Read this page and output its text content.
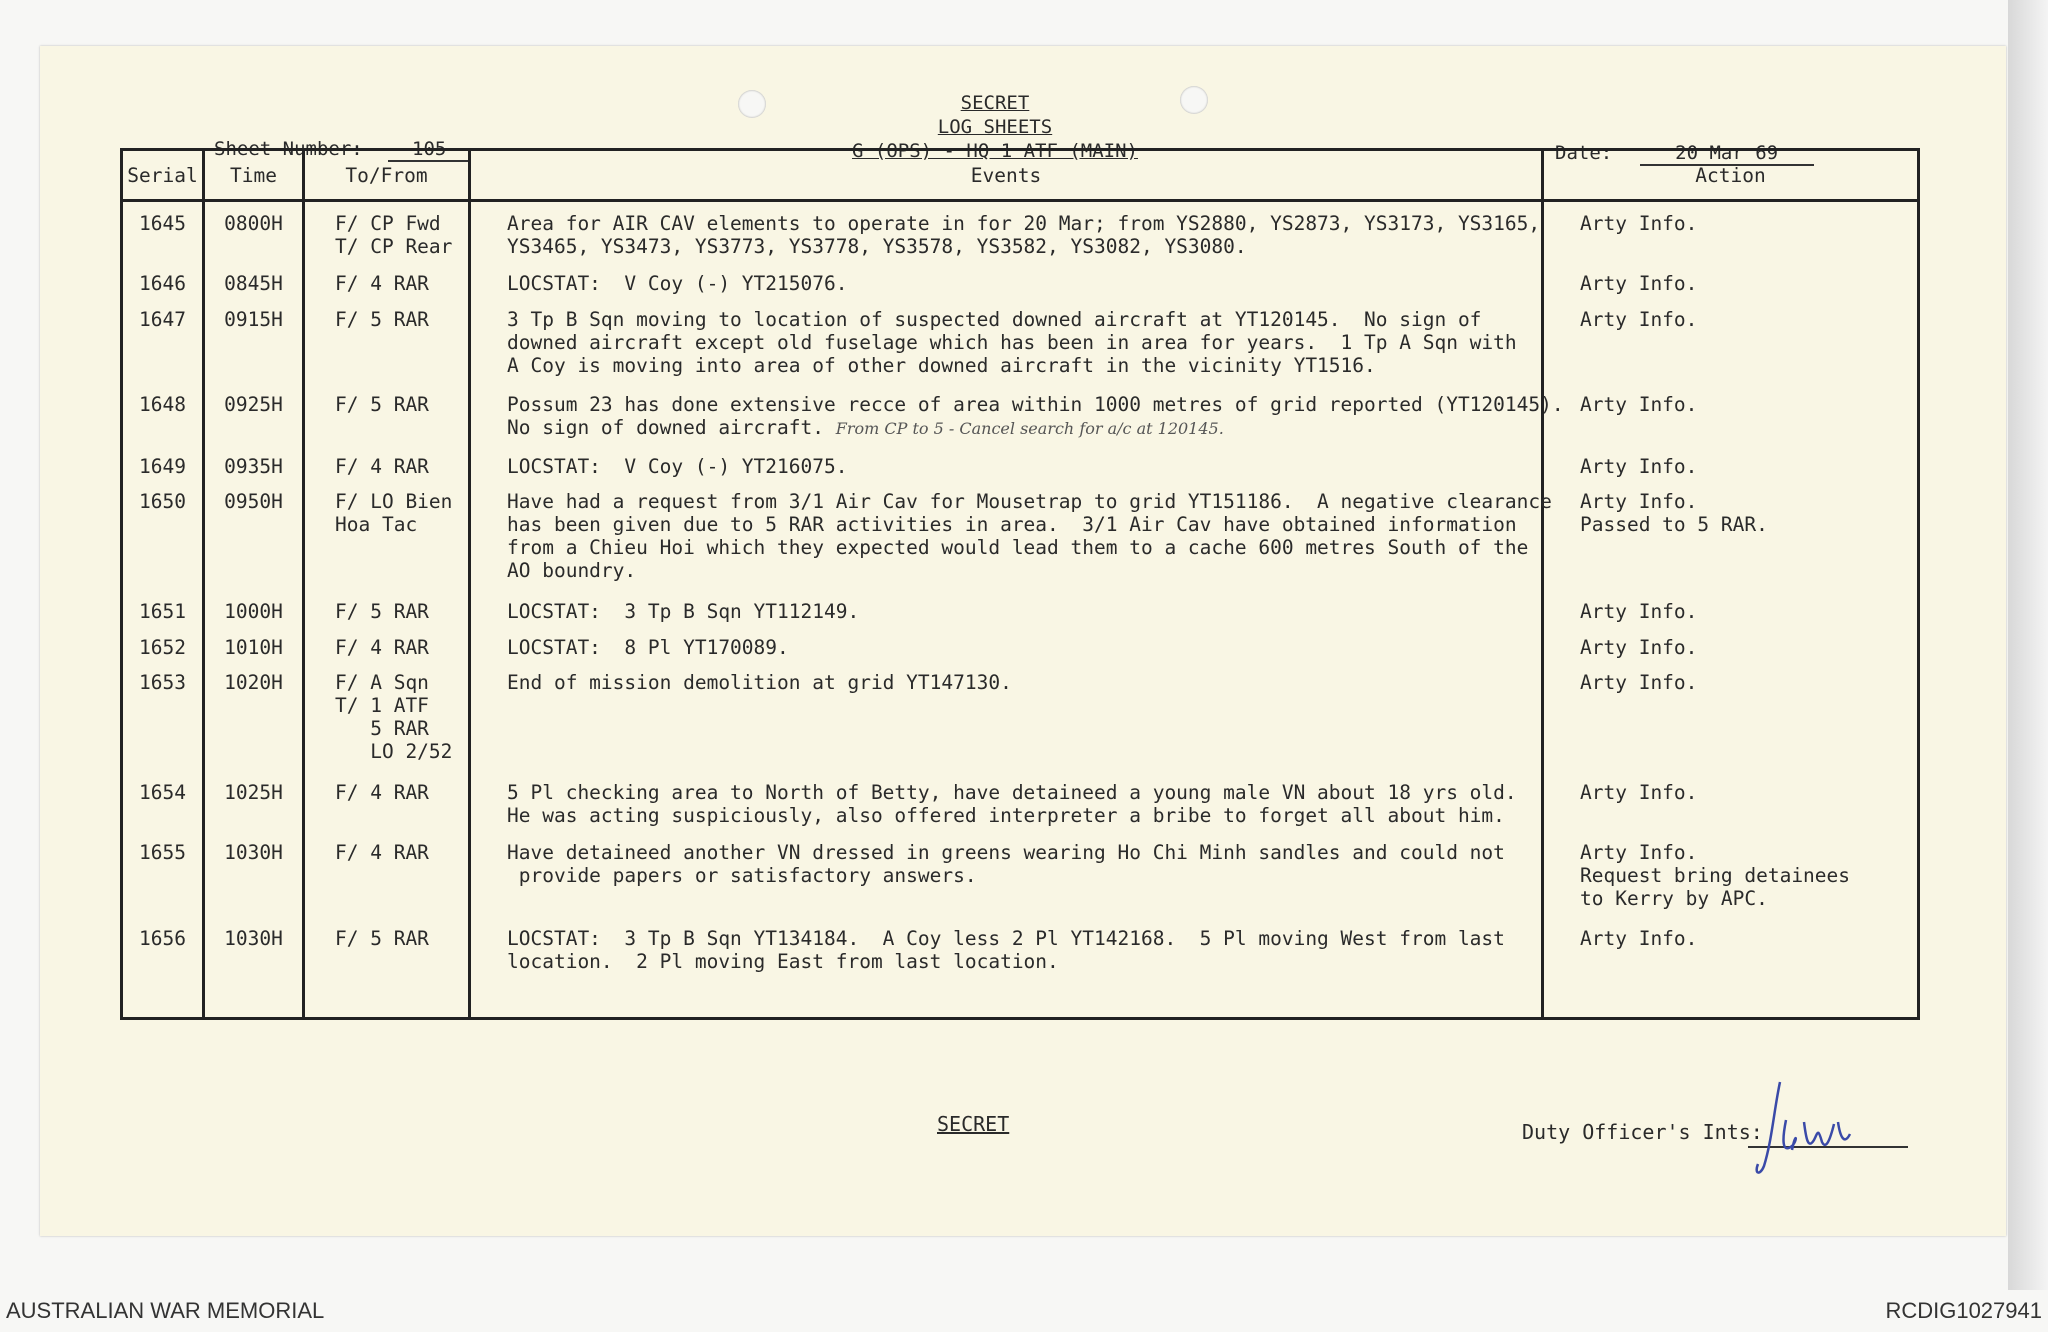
SECRET
LOG SHEETS
G (OPS) - HQ 1 ATF (MAIN)
Sheet Number:	105	Date:	20 Mar 69
Serial	Time	To/From	Events	Action
1645	0800H	F/ CP Fwd
T/ CP Rear	Area for AIR CAV elements to operate in for 20 Mar; from YS2880, YS2873, YS3173, YS3165,
YS3465, YS3473, YS3773, YS3778, YS3578, YS3582, YS3082, YS3080.	Arty Info.
1646	0845H	F/ 4 RAR	LOCSTAT:  V Coy (-) YT215076.	Arty Info.
1647	0915H	F/ 5 RAR	3 Tp B Sqn moving to location of suspected downed aircraft at YT120145.  No sign of
downed aircraft except old fuselage which has been in area for years.  1 Tp A Sqn with
A Coy is moving into area of other downed aircraft in the vicinity YT1516.	Arty Info.
1648	0925H	F/ 5 RAR	Possum 23 has done extensive recce of area within 1000 metres of grid reported (YT120145).
No sign of downed aircraft. From CP to 5 - Cancel search for a/c at 120145.	Arty Info.
1649	0935H	F/ 4 RAR	LOCSTAT:  V Coy (-) YT216075.	Arty Info.
1650	0950H	F/ LO Bien
Hoa Tac	Have had a request from 3/1 Air Cav for Mousetrap to grid YT151186.  A negative clearance
has been given due to 5 RAR activities in area.  3/1 Air Cav have obtained information
from a Chieu Hoi which they expected would lead them to a cache 600 metres South of the
AO boundry.	Arty Info.
Passed to 5 RAR.
1651	1000H	F/ 5 RAR	LOCSTAT:  3 Tp B Sqn YT112149.	Arty Info.
1652	1010H	F/ 4 RAR	LOCSTAT:  8 Pl YT170089.	Arty Info.
1653	1020H	F/ A Sqn
T/ 1 ATF
5 RAR
LO 2/52	End of mission demolition at grid YT147130.	Arty Info.
1654	1025H	F/ 4 RAR	5 Pl checking area to North of Betty, have detaineed a young male VN about 18 yrs old.
He was acting suspiciously, also offered interpreter a bribe to forget all about him.	Arty Info.
1655	1030H	F/ 4 RAR	Have detaineed another VN dressed in greens wearing Ho Chi Minh sandles and could not
provide papers or satisfactory answers.	Arty Info.
Request bring detainees
to Kerry by APC.
1656	1030H	F/ 5 RAR	LOCSTAT:  3 Tp B Sqn YT134184.  A Coy less 2 Pl YT142168.  5 Pl moving West from last
location.  2 Pl moving East from last location.	Arty Info.

SECRET	Duty Officer's Ints:
AUSTRALIAN WAR MEMORIAL	RCDIG1027941
